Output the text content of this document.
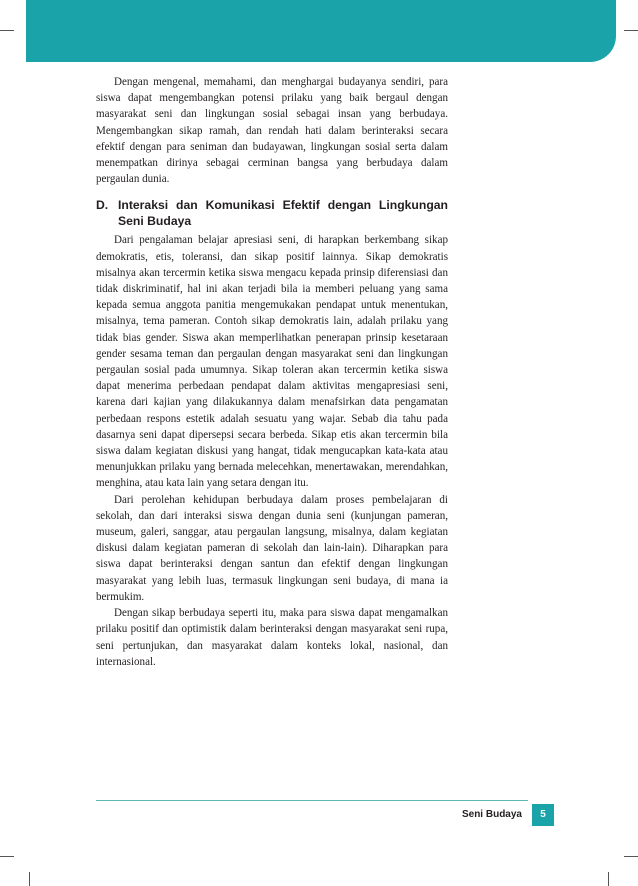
Dengan mengenal, memahami, dan menghargai budayanya sendiri, para siswa dapat mengembangkan potensi prilaku yang baik bergaul dengan masyarakat seni dan lingkungan sosial sebagai insan yang berbudaya. Mengembangkan sikap ramah, dan rendah hati dalam berinteraksi secara efektif dengan para seniman dan budayawan, lingkungan sosial serta dalam menempatkan dirinya sebagai cerminan bangsa yang berbudaya dalam pergaulan dunia.

D. Interaksi dan Komunikasi Efektif dengan Lingkungan Seni Budaya

Dari pengalaman belajar apresiasi seni, di harapkan berkembang sikap demokratis, etis, toleransi, dan sikap positif lainnya. Sikap demokratis misalnya akan tercermin ketika siswa mengacu kepada prinsip diferensiasi dan tidak diskriminatif, hal ini akan terjadi bila ia memberi peluang yang sama kepada semua anggota panitia mengemukakan pendapat untuk menentukan, misalnya, tema pameran. Contoh sikap demokratis lain, adalah prilaku yang tidak bias gender. Siswa akan memperlihatkan penerapan prinsip kesetaraan gender sesama teman dan pergaulan dengan masyarakat seni dan lingkungan pergaulan sosial pada umumnya. Sikap toleran akan tercermin ketika siswa dapat menerima perbedaan pendapat dalam aktivitas mengapresiasi seni, karena dari kajian yang dilakukannya dalam menafsirkan data pengamatan perbedaan respons estetik adalah sesuatu yang wajar. Sebab dia tahu pada dasarnya seni dapat dipersepsi secara berbeda. Sikap etis akan tercermin bila siswa dalam kegiatan diskusi yang hangat, tidak mengucapkan kata-kata atau menunjukkan prilaku yang bernada melecehkan, menertawakan, merendahkan, menghina, atau kata lain yang setara dengan itu.

Dari perolehan kehidupan berbudaya dalam proses pembelajaran di sekolah, dan dari interaksi siswa dengan dunia seni (kunjungan pameran, museum, galeri, sanggar, atau pergaulan langsung, misalnya, dalam kegiatan diskusi dalam kegiatan pameran di sekolah dan lain-lain). Diharapkan para siswa dapat berinteraksi dengan santun dan efektif dengan lingkungan masyarakat yang lebih luas, termasuk lingkungan seni budaya, di mana ia bermukim.

Dengan sikap berbudaya seperti itu, maka para siswa dapat mengamalkan prilaku positif dan optimistik dalam berinteraksi dengan masyarakat seni rupa, seni pertunjukan, dan masyarakat dalam konteks lokal, nasional, dan internasional.

Seni Budaya	5
